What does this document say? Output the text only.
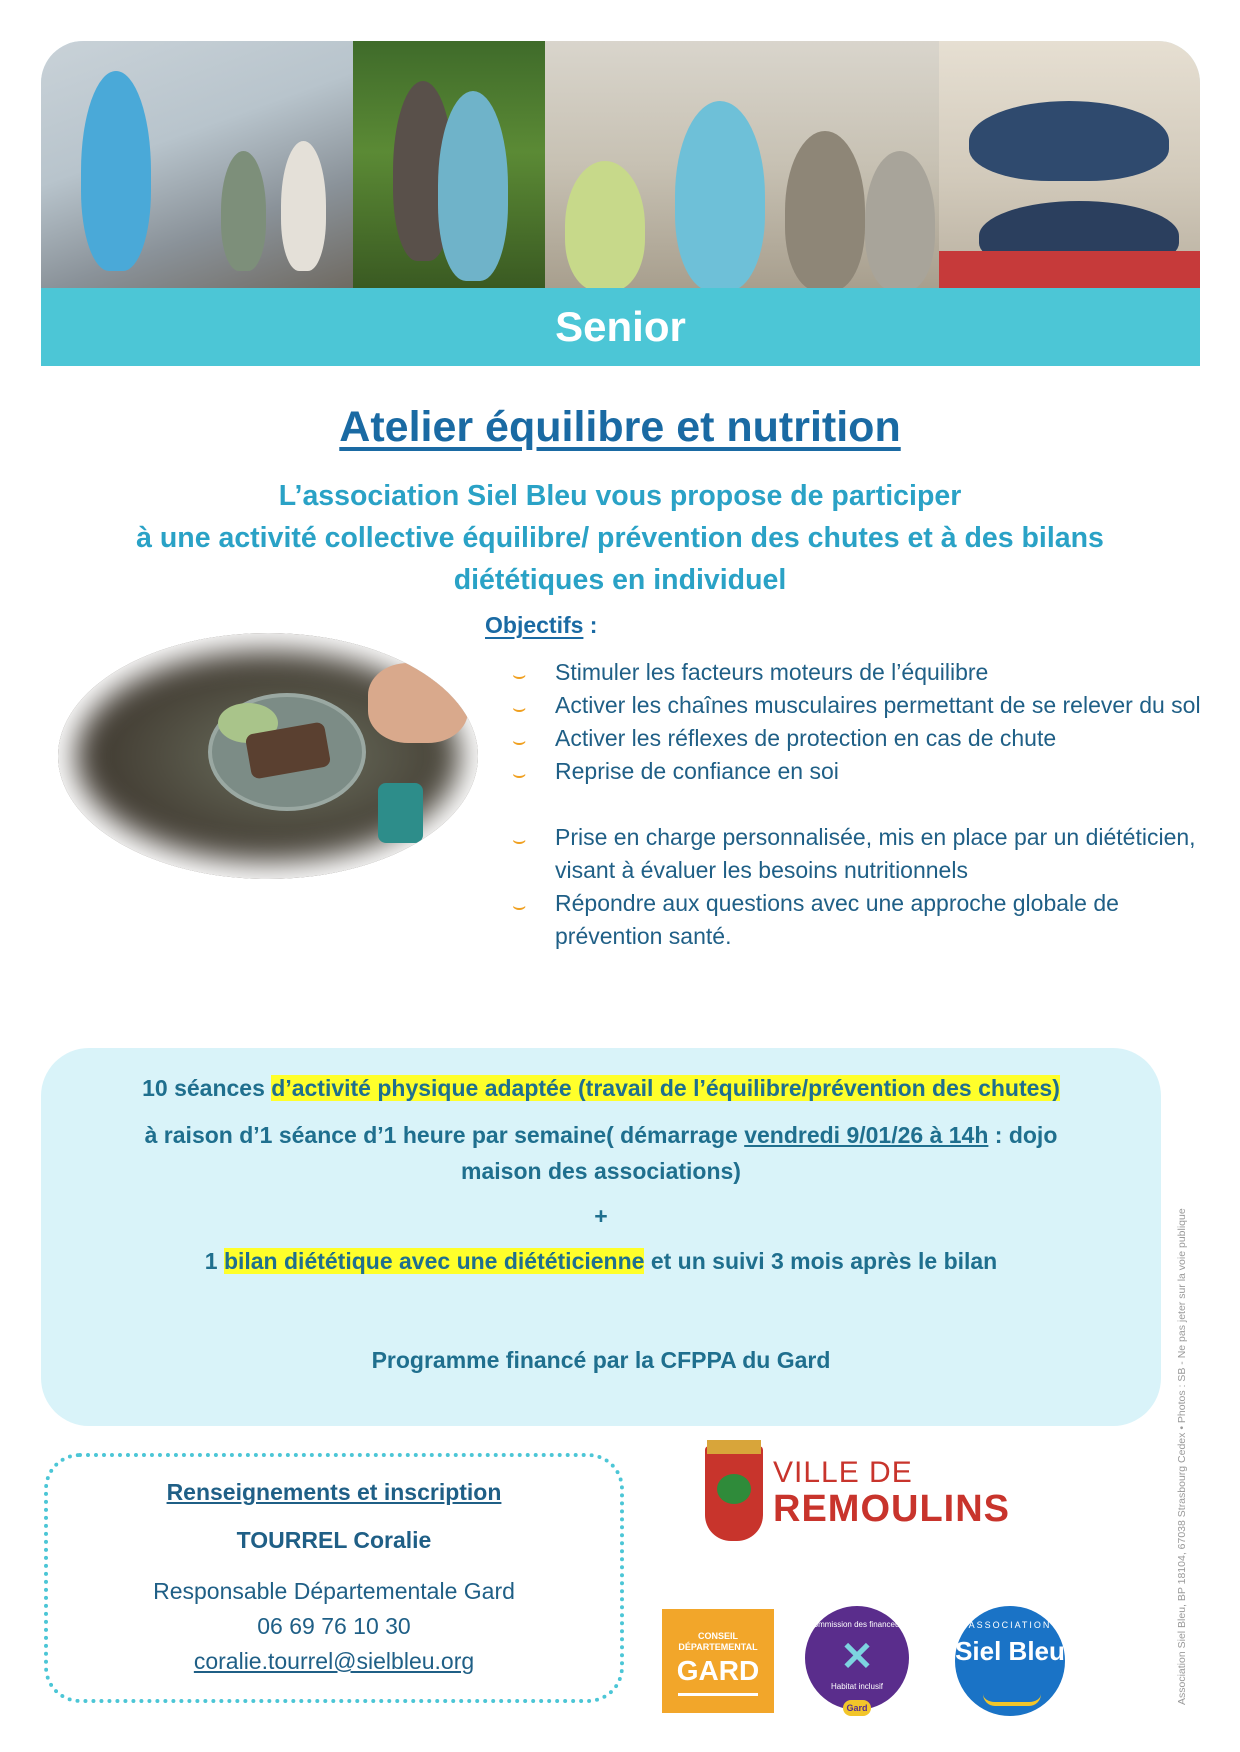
Senior
Atelier équilibre et nutrition
L’association Siel Bleu vous propose de participer
à une activité collective équilibre/ prévention des chutes et à des bilans
diététiques en individuel
Objectifs :
⌣ Stimuler les facteurs moteurs de l’équilibre
⌣ Activer les chaînes musculaires permettant de se relever du sol
⌣ Activer les réflexes de protection en cas de chute
⌣ Reprise de confiance en soi
⌣ Prise en charge personnalisée, mis en place par un diététicien, visant à évaluer les besoins nutritionnels
⌣ Répondre aux questions avec une approche globale de prévention santé.

10 séances d’activité physique adaptée (travail de l’équilibre/prévention des chutes)

à raison d’1 séance d’1 heure par semaine( démarrage vendredi 9/01/26 à 14h : dojo

maison des associations)

+

1 bilan diététique avec une diététicienne et un suivi 3 mois après le bilan

Programme financé par la CFPPA du Gard

Renseignements et inscription
TOURREL Coralie
Responsable Départementale Gard
06 69 76 10 30
coralie.tourrel@sielbleu.org
VILLE DE
REMOULINS
CONSEIL DÉPARTEMENTAL
GARD
Commission des financeurs
✕
Habitat inclusif
Gard
ASSOCIATION
Siel Bleu	Association Siel Bleu, BP 18104, 67038 Strasbourg Cedex • Photos : SB - Ne pas jeter sur la voie publique
